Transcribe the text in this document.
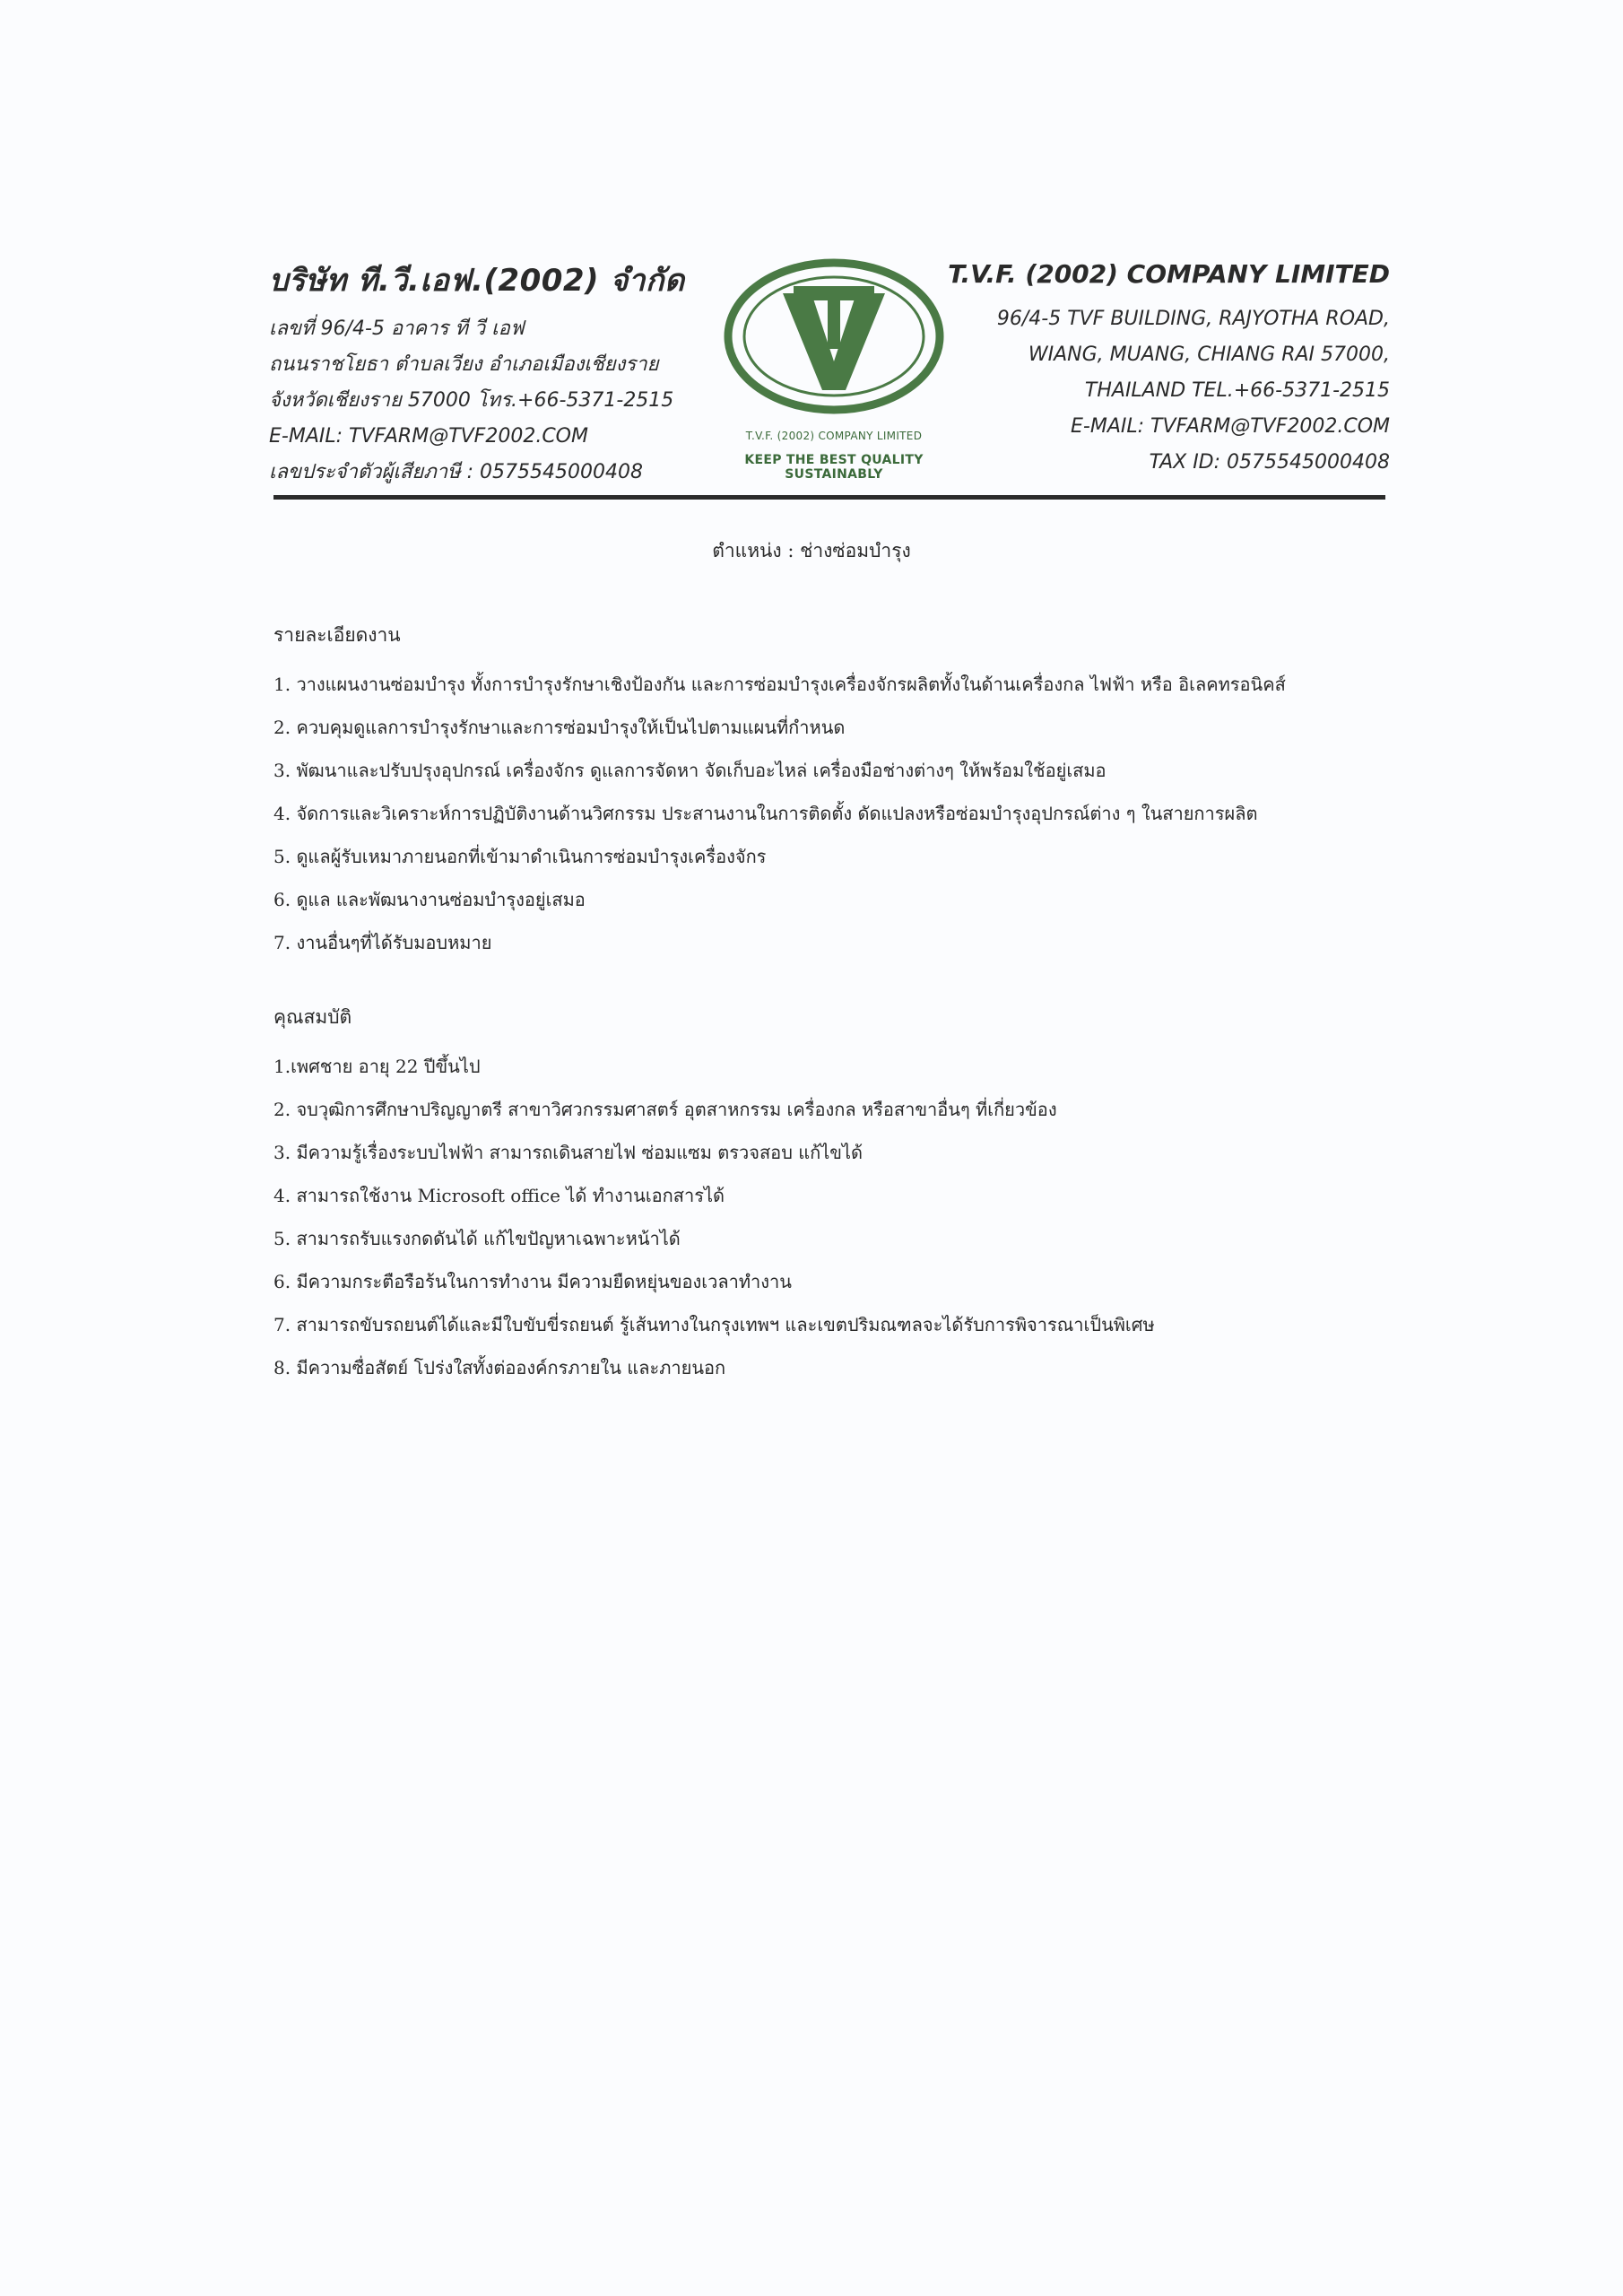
บริษัท ที.วี.เอฟ.(2002) จำกัด
เลขที่ 96/4-5 อาคาร ที วี เอฟ
ถนนราชโยธา ตำบลเวียง อำเภอเมืองเชียงราย
จังหวัดเชียงราย 57000 โทร.+66-5371-2515
E-MAIL: TVFARM@TVF2002.COM
เลขประจำตัวผู้เสียภาษี : 0575545000408
T.V.F. (2002) COMPANY LIMITED
KEEP THE BEST QUALITY SUSTAINABLY
T.V.F. (2002) COMPANY LIMITED
96/4-5 TVF BUILDING, RAJYOTHA ROAD,
WIANG, MUANG, CHIANG RAI 57000,
THAILAND TEL.+66-5371-2515
E-MAIL: TVFARM@TVF2002.COM
TAX ID: 0575545000408
ตำแหน่ง : ช่างซ่อมบำรุง
รายละเอียดงาน
1. วางแผนงานซ่อมบำรุง ทั้งการบำรุงรักษาเชิงป้องกัน และการซ่อมบำรุงเครื่องจักรผลิตทั้งในด้านเครื่องกล ไฟฟ้า หรือ อิเลคทรอนิคส์
2. ควบคุมดูแลการบำรุงรักษาและการซ่อมบำรุงให้เป็นไปตามแผนที่กำหนด
3. พัฒนาและปรับปรุงอุปกรณ์ เครื่องจักร ดูแลการจัดหา จัดเก็บอะไหล่ เครื่องมือช่างต่างๆ ให้พร้อมใช้อยู่เสมอ
4. จัดการและวิเคราะห์การปฏิบัติงานด้านวิศกรรม ประสานงานในการติดตั้ง ดัดแปลงหรือซ่อมบำรุงอุปกรณ์ต่าง ๆ ในสายการผลิต
5. ดูแลผู้รับเหมาภายนอกที่เข้ามาดำเนินการซ่อมบำรุงเครื่องจักร
6. ดูแล และพัฒนางานซ่อมบำรุงอยู่เสมอ
7. งานอื่นๆที่ได้รับมอบหมาย
คุณสมบัติ
1.เพศชาย อายุ 22 ปีขึ้นไป
2. จบวุฒิการศึกษาปริญญาตรี สาขาวิศวกรรมศาสตร์ อุตสาหกรรม เครื่องกล หรือสาขาอื่นๆ ที่เกี่ยวข้อง
3. มีความรู้เรื่องระบบไฟฟ้า สามารถเดินสายไฟ ซ่อมแซม ตรวจสอบ แก้ไขได้
4. สามารถใช้งาน Microsoft office ได้ ทำงานเอกสารได้
5. สามารถรับแรงกดดันได้ แก้ไขปัญหาเฉพาะหน้าได้
6. มีความกระตือรือร้นในการทำงาน มีความยืดหยุ่นของเวลาทำงาน
7. สามารถขับรถยนต์ได้และมีใบขับขี่รถยนต์ รู้เส้นทางในกรุงเทพฯ และเขตปริมณฑลจะได้รับการพิจารณาเป็นพิเศษ
8. มีความซื่อสัตย์ โปร่งใสทั้งต่อองค์กรภายใน และภายนอก
